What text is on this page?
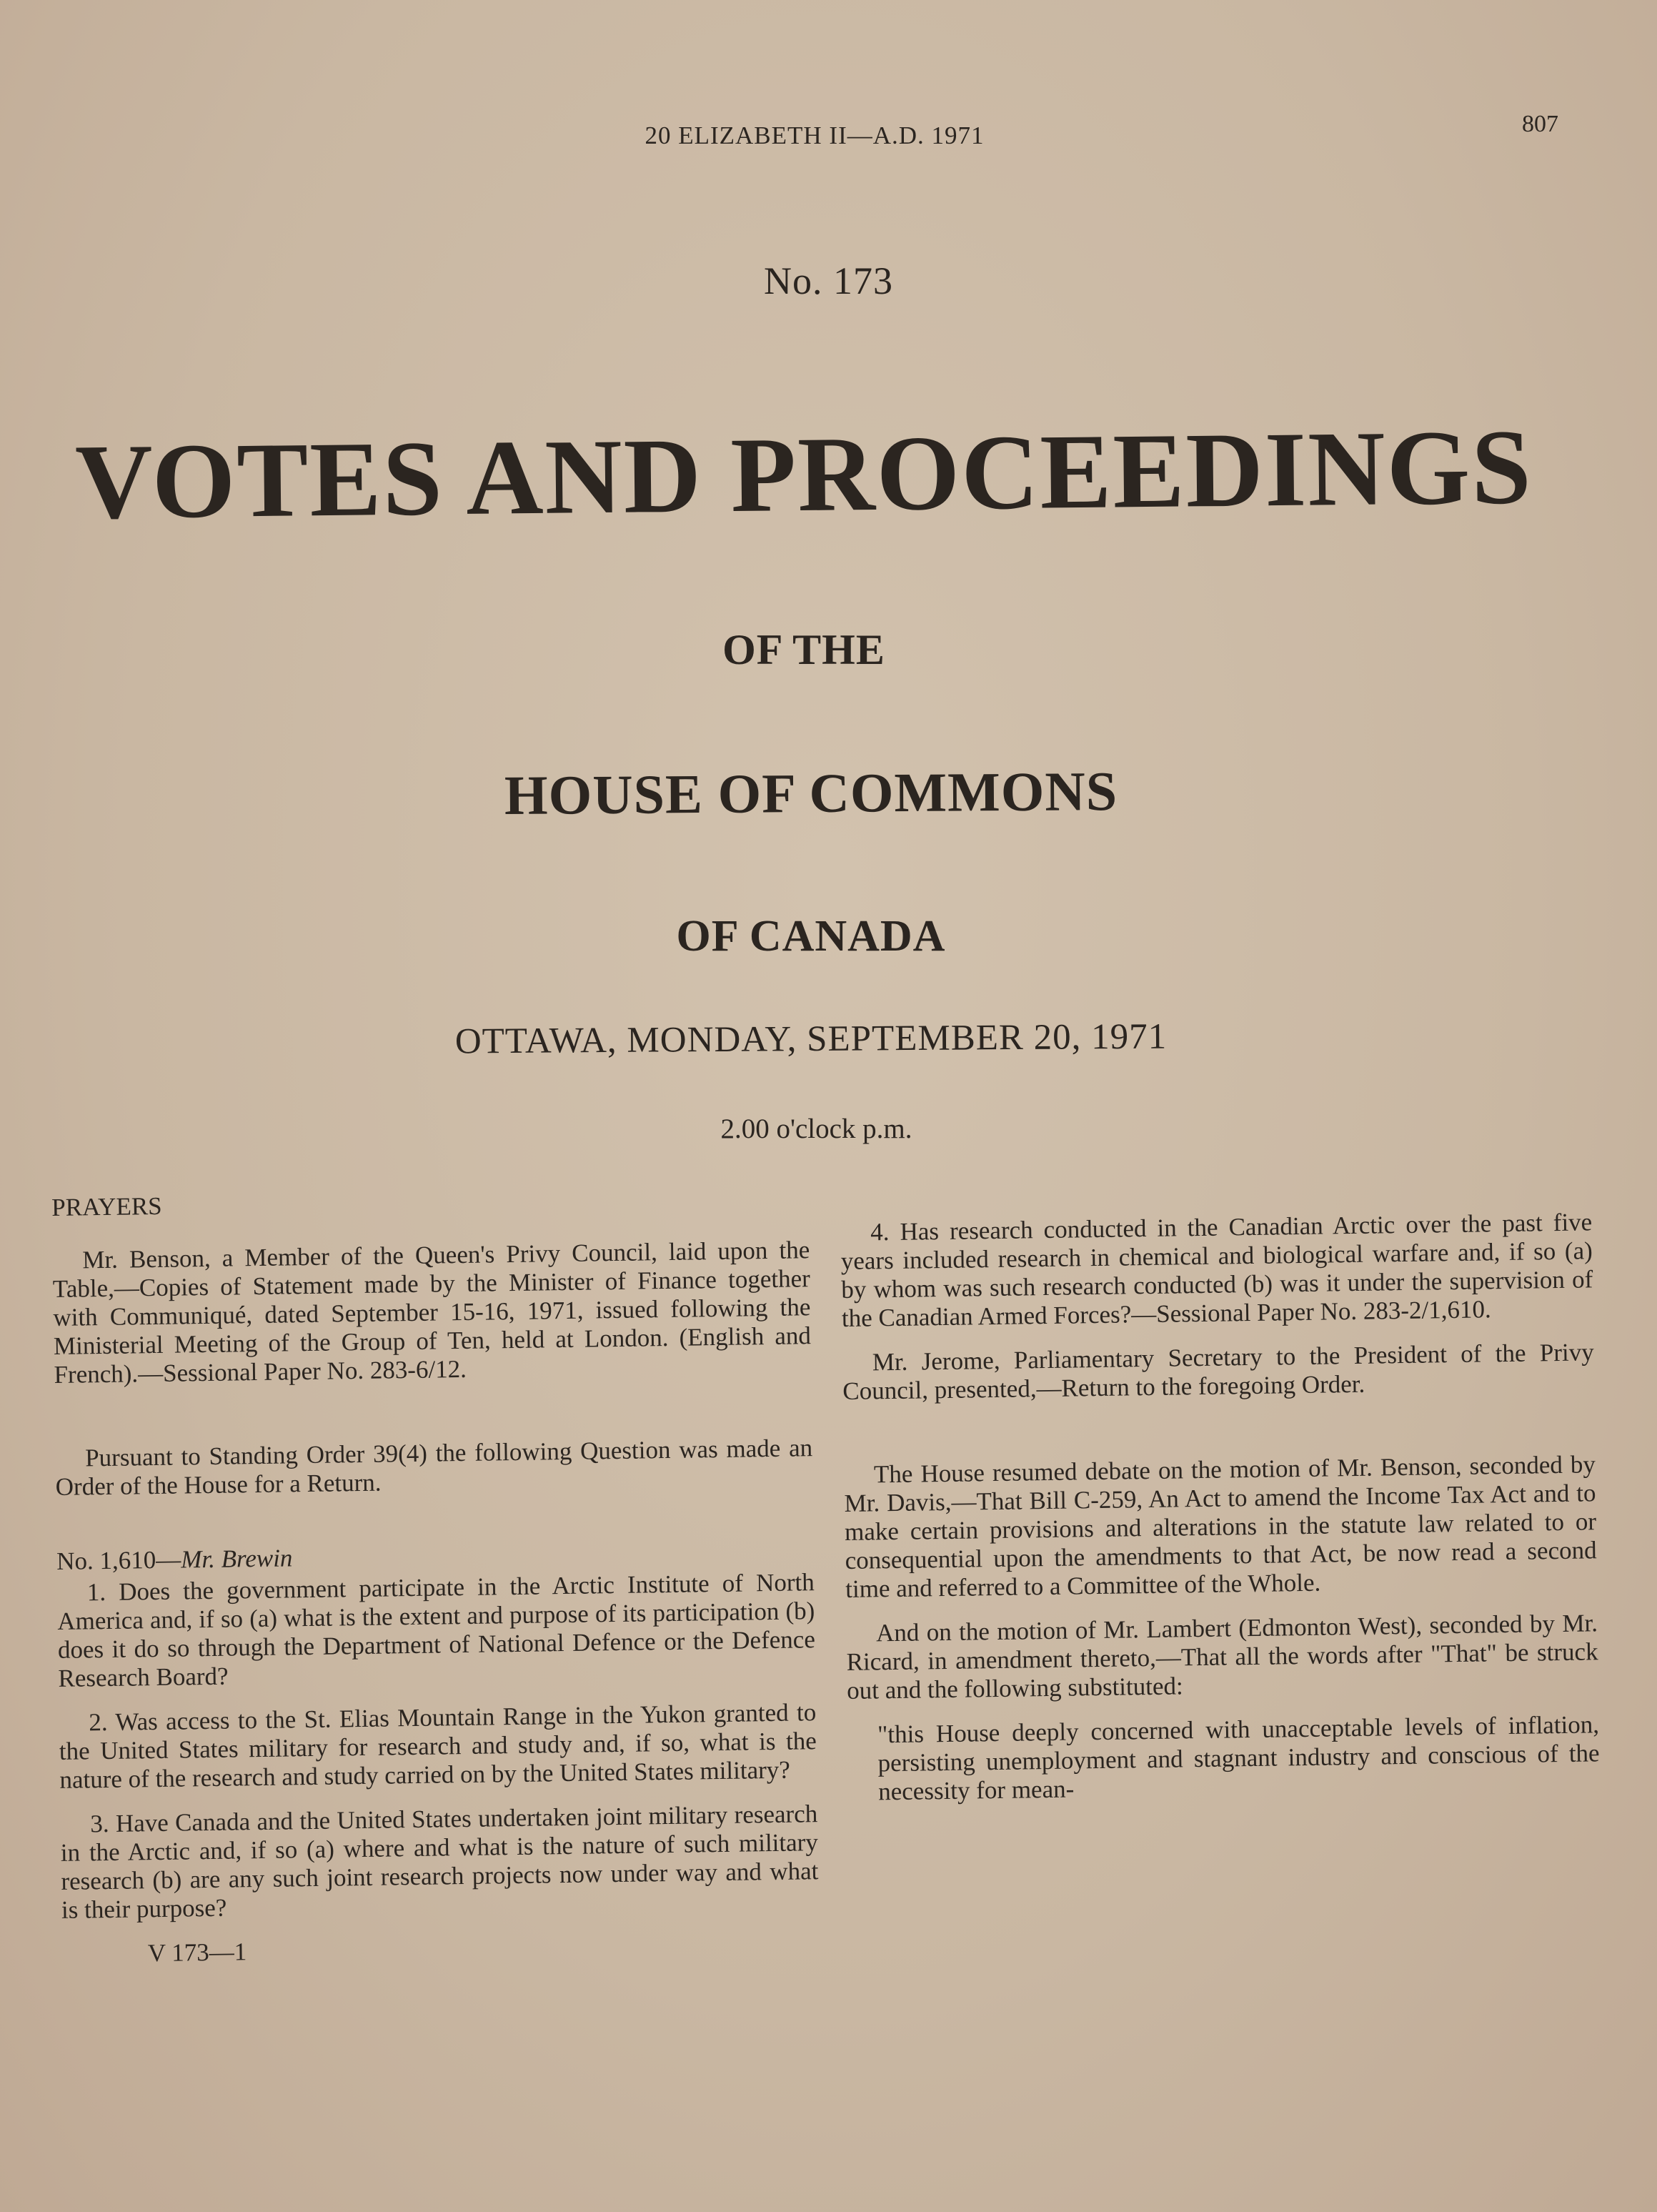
20 ELIZABETH II—A.D. 1971	807
No. 173
VOTES AND PROCEEDINGS
OF THE
HOUSE OF COMMONS
OF CANADA
OTTAWA, MONDAY, SEPTEMBER 20, 1971
2.00 o'clock p.m.
PRAYERS

Mr. Benson, a Member of the Queen's Privy Council, laid upon the Table,—Copies of Statement made by the Minister of Finance together with Communiqué, dated September 15-16, 1971, issued following the Ministerial Meeting of the Group of Ten, held at London. (English and French).—Sessional Paper No. 283-6/12.

Pursuant to Standing Order 39(4) the following Question was made an Order of the House for a Return.

No. 1,610—Mr. Brewin

1. Does the government participate in the Arctic Institute of North America and, if so (a) what is the extent and purpose of its participation (b) does it do so through the Department of National Defence or the Defence Research Board?

2. Was access to the St. Elias Mountain Range in the Yukon granted to the United States military for research and study and, if so, what is the nature of the research and study carried on by the United States military?

3. Have Canada and the United States undertaken joint military research in the Arctic and, if so (a) where and what is the nature of such military research (b) are any such joint research projects now under way and what is their purpose?

V 173—1

4. Has research conducted in the Canadian Arctic over the past five years included research in chemical and biological warfare and, if so (a) by whom was such research conducted (b) was it under the supervision of the Canadian Armed Forces?—Sessional Paper No. 283-2/1,610.

Mr. Jerome, Parliamentary Secretary to the President of the Privy Council, presented,—Return to the foregoing Order.

The House resumed debate on the motion of Mr. Benson, seconded by Mr. Davis,—That Bill C-259, An Act to amend the Income Tax Act and to make certain provisions and alterations in the statute law related to or consequential upon the amendments to that Act, be now read a second time and referred to a Committee of the Whole.

And on the motion of Mr. Lambert (Edmonton West), seconded by Mr. Ricard, in amendment thereto,—That all the words after "That" be struck out and the following substituted:

"this House deeply concerned with unacceptable levels of inflation, persisting unemployment and stagnant industry and conscious of the necessity for mean-
